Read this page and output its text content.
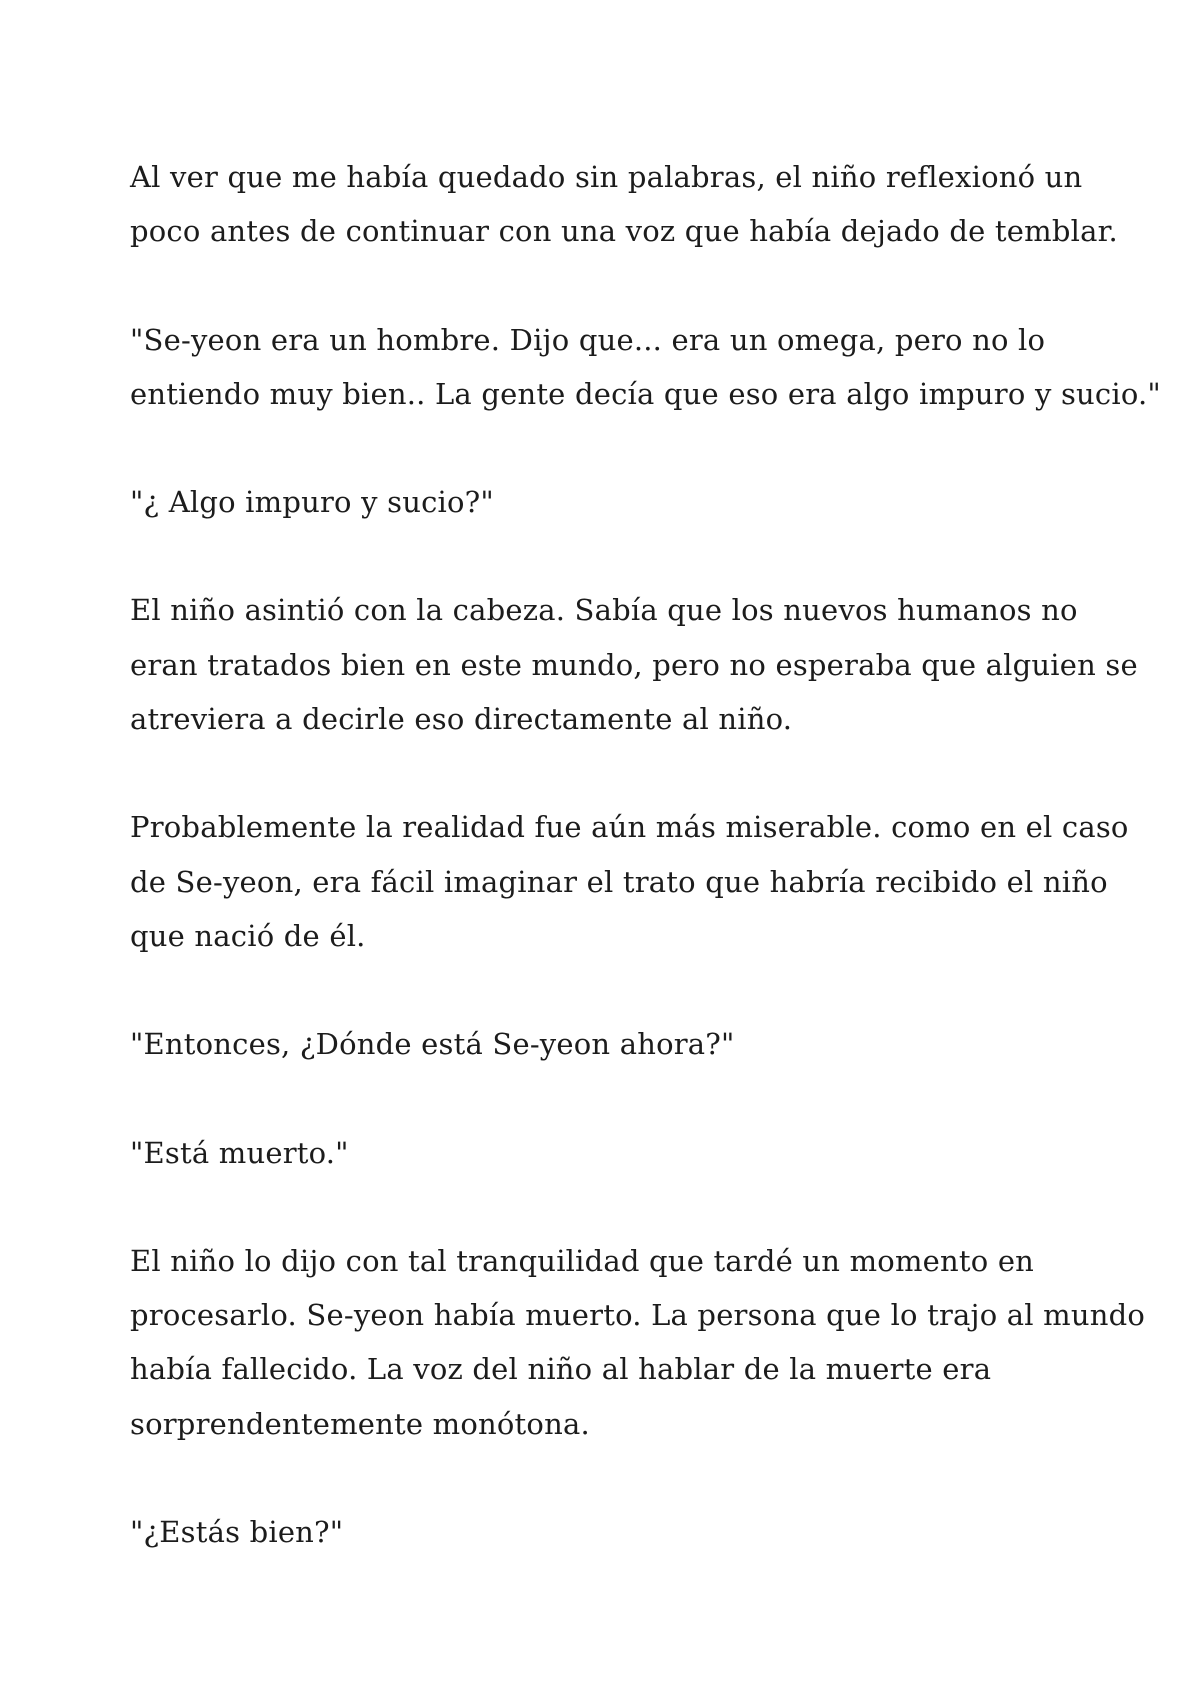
Al ver que me había quedado sin palabras, el niño reflexionó un
poco antes de continuar con una voz que había dejado de temblar.

"Se-yeon era un hombre. Dijo que... era un omega, pero no lo
entiendo muy bien.. La gente decía que eso era algo impuro y sucio."

"¿ Algo impuro y sucio?"

El niño asintió con la cabeza. Sabía que los nuevos humanos no
eran tratados bien en este mundo, pero no esperaba que alguien se
atreviera a decirle eso directamente al niño.

Probablemente la realidad fue aún más miserable. como en el caso
de Se-yeon, era fácil imaginar el trato que habría recibido el niño
que nació de él.

"Entonces, ¿Dónde está Se-yeon ahora?"

"Está muerto."

El niño lo dijo con tal tranquilidad que tardé un momento en
procesarlo. Se-yeon había muerto. La persona que lo trajo al mundo
había fallecido. La voz del niño al hablar de la muerte era
sorprendentemente monótona.

"¿Estás bien?"
